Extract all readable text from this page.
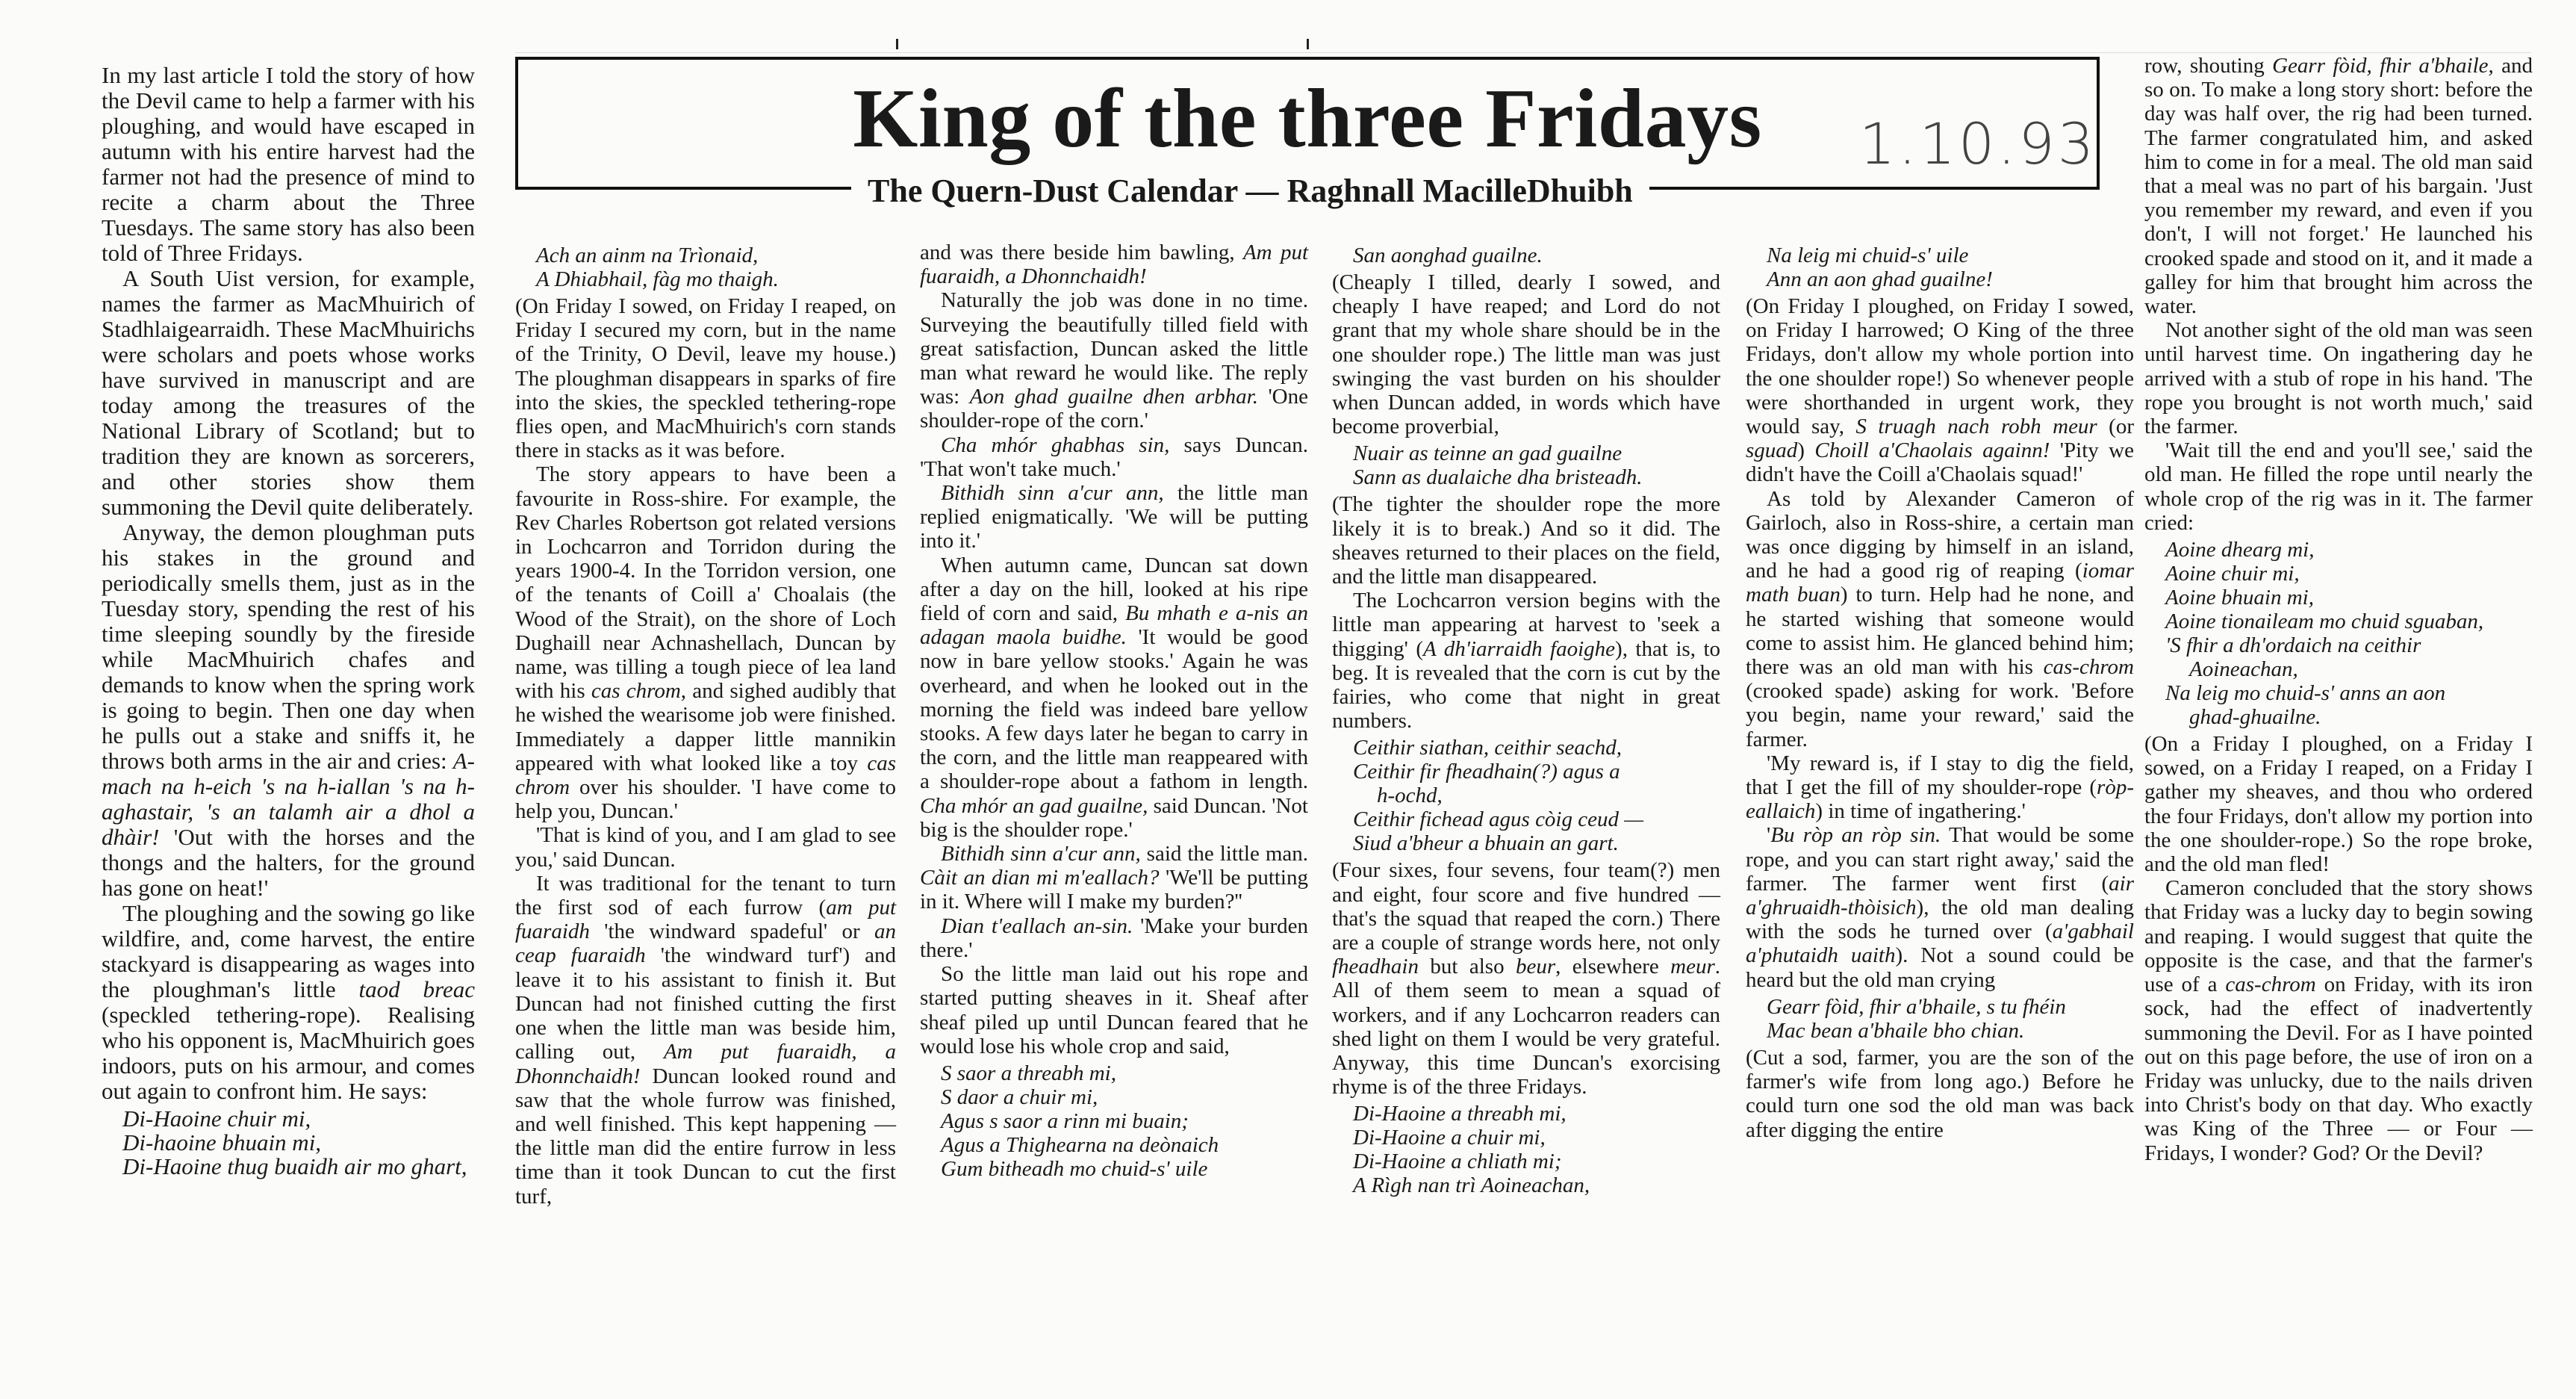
In my last article I told the story of how the Devil came to help a farmer with his ploughing, and would have escaped in autumn with his entire harvest had the farmer not had the presence of mind to recite a charm about the Three Tuesdays. The same story has also been told of Three Fridays.

A South Uist version, for example, names the farmer as MacMhuirich of Stadhlaigearraidh. These MacMhuirichs were scholars and poets whose works have survived in manuscript and are today among the treasures of the National Library of Scotland; but to tradition they are known as sorcerers, and other stories show them summoning the Devil quite deliberately.

Anyway, the demon ploughman puts his stakes in the ground and periodically smells them, just as in the Tuesday story, spending the rest of his time sleeping soundly by the fireside while MacMhuirich chafes and demands to know when the spring work is going to begin. Then one day when he pulls out a stake and sniffs it, he throws both arms in the air and cries: A-mach na h-eich 's na h-iallan 's na h-aghastair, 's an talamh air a dhol a dhàir! 'Out with the horses and the thongs and the halters, for the ground has gone on heat!'

The ploughing and the sowing go like wildfire, and, come harvest, the entire stackyard is disappearing as wages into the ploughman's little taod breac (speckled tethering-rope). Realising who his opponent is, MacMhuirich goes indoors, puts on his armour, and comes out again to confront him. He says:

Di-Haoine chuir mi,
Di-haoine bhuain mi,
Di-Haoine thug buaidh air mo ghart,
King of the three Fridays	1.10.93
The Quern-Dust Calendar — Raghnall MacilleDhuibh
Ach an ainm na Trìonaid,
A Dhiabhail, fàg mo thaigh.

(On Friday I sowed, on Friday I reaped, on Friday I secured my corn, but in the name of the Trinity, O Devil, leave my house.) The ploughman disappears in sparks of fire into the skies, the speckled tethering-rope flies open, and MacMhuirich's corn stands there in stacks as it was before.

The story appears to have been a favourite in Ross-shire. For example, the Rev Charles Robertson got related versions in Lochcarron and Torridon during the years 1900-4. In the Torridon version, one of the tenants of Coill a' Choalais (the Wood of the Strait), on the shore of Loch Dughaill near Achnashellach, Duncan by name, was tilling a tough piece of lea land with his cas chrom, and sighed audibly that he wished the wearisome job were finished. Immediately a dapper little mannikin appeared with what looked like a toy cas chrom over his shoulder. 'I have come to help you, Duncan.'

'That is kind of you, and I am glad to see you,' said Duncan.

It was traditional for the tenant to turn the first sod of each furrow (am put fuaraidh 'the windward spadeful' or an ceap fuaraidh 'the windward turf') and leave it to his assistant to finish it. But Duncan had not finished cutting the first one when the little man was beside him, calling out, Am put fuaraidh, a Dhonnchaidh! Duncan looked round and saw that the whole furrow was finished, and well finished. This kept happening — the little man did the entire furrow in less time than it took Duncan to cut the first turf,

and was there beside him bawling, Am put fuaraidh, a Dhonnchaidh!

Naturally the job was done in no time. Surveying the beautifully tilled field with great satisfaction, Duncan asked the little man what reward he would like. The reply was: Aon ghad guailne dhen arbhar. 'One shoulder-rope of the corn.'

Cha mhór ghabhas sin, says Duncan. 'That won't take much.'

Bithidh sinn a'cur ann, the little man replied enigmatically. 'We will be putting into it.'

When autumn came, Duncan sat down after a day on the hill, looked at his ripe field of corn and said, Bu mhath e a-nis an adagan maola buidhe. 'It would be good now in bare yellow stooks.' Again he was overheard, and when he looked out in the morning the field was indeed bare yellow stooks. A few days later he began to carry in the corn, and the little man reappeared with a shoulder-rope about a fathom in length. Cha mhór an gad guailne, said Duncan. 'Not big is the shoulder rope.'

Bithidh sinn a'cur ann, said the little man. Càit an dian mi m'eallach? 'We'll be putting in it. Where will I make my burden?''

Dian t'eallach an-sin. 'Make your burden there.'

So the little man laid out his rope and started putting sheaves in it. Sheaf after sheaf piled up until Duncan feared that he would lose his whole crop and said,

S saor a threabh mi,
S daor a chuir mi,
Agus s saor a rinn mi buain;
Agus a Thighearna na deònaich
Gum bitheadh mo chuid-s' uile
San aonghad guailne.

(Cheaply I tilled, dearly I sowed, and cheaply I have reaped; and Lord do not grant that my whole share should be in the one shoulder rope.) The little man was just swinging the vast burden on his shoulder when Duncan added, in words which have become proverbial,

Nuair as teinne an gad guailne
Sann as dualaiche dha bristeadh.

(The tighter the shoulder rope the more likely it is to break.) And so it did. The sheaves returned to their places on the field, and the little man disappeared.

The Lochcarron version begins with the little man appearing at harvest to 'seek a thigging' (A dh'iarraidh faoighe), that is, to beg. It is revealed that the corn is cut by the fairies, who come that night in great numbers.

Ceithir siathan, ceithir seachd,
Ceithir fir fheadhain(?) agus a
h-ochd,
Ceithir fichead agus còig ceud —
Siud a'bheur a bhuain an gart.

(Four sixes, four sevens, four team(?) men and eight, four score and five hundred — that's the squad that reaped the corn.) There are a couple of strange words here, not only fheadhain but also beur, elsewhere meur. All of them seem to mean a squad of workers, and if any Lochcarron readers can shed light on them I would be very grateful. Anyway, this time Duncan's exorcising rhyme is of the three Fridays.

Di-Haoine a threabh mi,
Di-Haoine a chuir mi,
Di-Haoine a chliath mi;
A Rìgh nan trì Aoineachan,
Na leig mi chuid-s' uile
Ann an aon ghad guailne!

(On Friday I ploughed, on Friday I sowed, on Friday I harrowed; O King of the three Fridays, don't allow my whole portion into the one shoulder rope!) So whenever people were shorthanded in urgent work, they would say, S truagh nach robh meur (or sguad) Choill a'Chaolais againn! 'Pity we didn't have the Coill a'Chaolais squad!'

As told by Alexander Cameron of Gairloch, also in Ross-shire, a certain man was once digging by himself in an island, and he had a good rig of reaping (iomar math buan) to turn. Help had he none, and he started wishing that someone would come to assist him. He glanced behind him; there was an old man with his cas-chrom (crooked spade) asking for work. 'Before you begin, name your reward,' said the farmer.

'My reward is, if I stay to dig the field, that I get the fill of my shoulder-rope (ròp-eallaich) in time of ingathering.'

'Bu ròp an ròp sin. That would be some rope, and you can start right away,' said the farmer. The farmer went first (air a'ghruaidh-thòisich), the old man dealing with the sods he turned over (a'gabhail a'phutaidh uaith). Not a sound could be heard but the old man crying

Gearr fòid, fhir a'bhaile, s tu fhéin
Mac bean a'bhaile bho chian.

(Cut a sod, farmer, you are the son of the farmer's wife from long ago.) Before he could turn one sod the old man was back after digging the entire

row, shouting Gearr fòid, fhir a'bhaile, and so on. To make a long story short: before the day was half over, the rig had been turned. The farmer congratulated him, and asked him to come in for a meal. The old man said that a meal was no part of his bargain. 'Just you remember my reward, and even if you don't, I will not forget.' He launched his crooked spade and stood on it, and it made a galley for him that brought him across the water.

Not another sight of the old man was seen until harvest time. On ingathering day he arrived with a stub of rope in his hand. 'The rope you brought is not worth much,' said the farmer.

'Wait till the end and you'll see,' said the old man. He filled the rope until nearly the whole crop of the rig was in it. The farmer cried:

Aoine dhearg mi,
Aoine chuir mi,
Aoine bhuain mi,
Aoine tionaileam mo chuid sguaban,
'S fhir a dh'ordaich na ceithir
Aoineachan,
Na leig mo chuid-s' anns an aon
ghad-ghuailne.

(On a Friday I ploughed, on a Friday I sowed, on a Friday I reaped, on a Friday I gather my sheaves, and thou who ordered the four Fridays, don't allow my portion into the one shoulder-rope.) So the rope broke, and the old man fled!

Cameron concluded that the story shows that Friday was a lucky day to begin sowing and reaping. I would suggest that quite the opposite is the case, and that the farmer's use of a cas-chrom on Friday, with its iron sock, had the effect of inadvertently summoning the Devil. For as I have pointed out on this page before, the use of iron on a Friday was unlucky, due to the nails driven into Christ's body on that day. Who exactly was King of the Three — or Four — Fridays, I wonder? God? Or the Devil?
